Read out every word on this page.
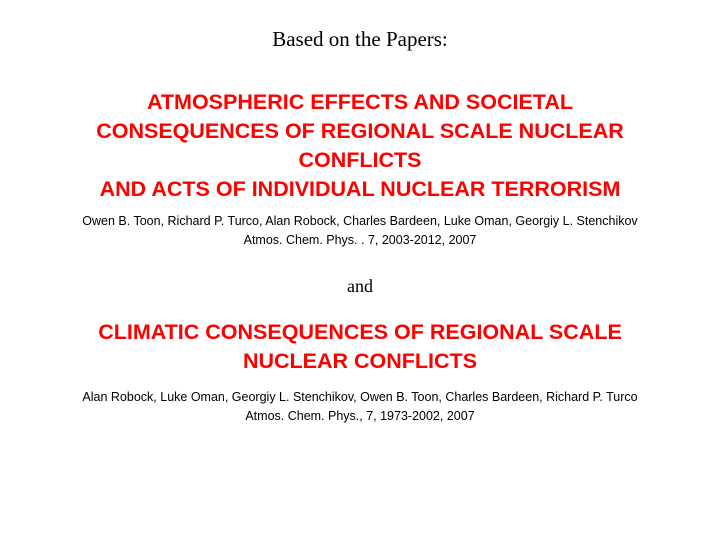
Based on the Papers:
ATMOSPHERIC EFFECTS AND SOCIETAL
CONSEQUENCES OF REGIONAL SCALE NUCLEAR
CONFLICTS
AND ACTS OF INDIVIDUAL NUCLEAR TERRORISM
Owen B. Toon, Richard P. Turco, Alan Robock, Charles Bardeen, Luke Oman, Georgiy L. Stenchikov
Atmos. Chem. Phys. . 7, 2003-2012, 2007
and
CLIMATIC CONSEQUENCES OF REGIONAL SCALE
NUCLEAR CONFLICTS
Alan Robock, Luke Oman, Georgiy L. Stenchikov, Owen B. Toon, Charles Bardeen, Richard P. Turco
Atmos. Chem. Phys., 7, 1973-2002, 2007
